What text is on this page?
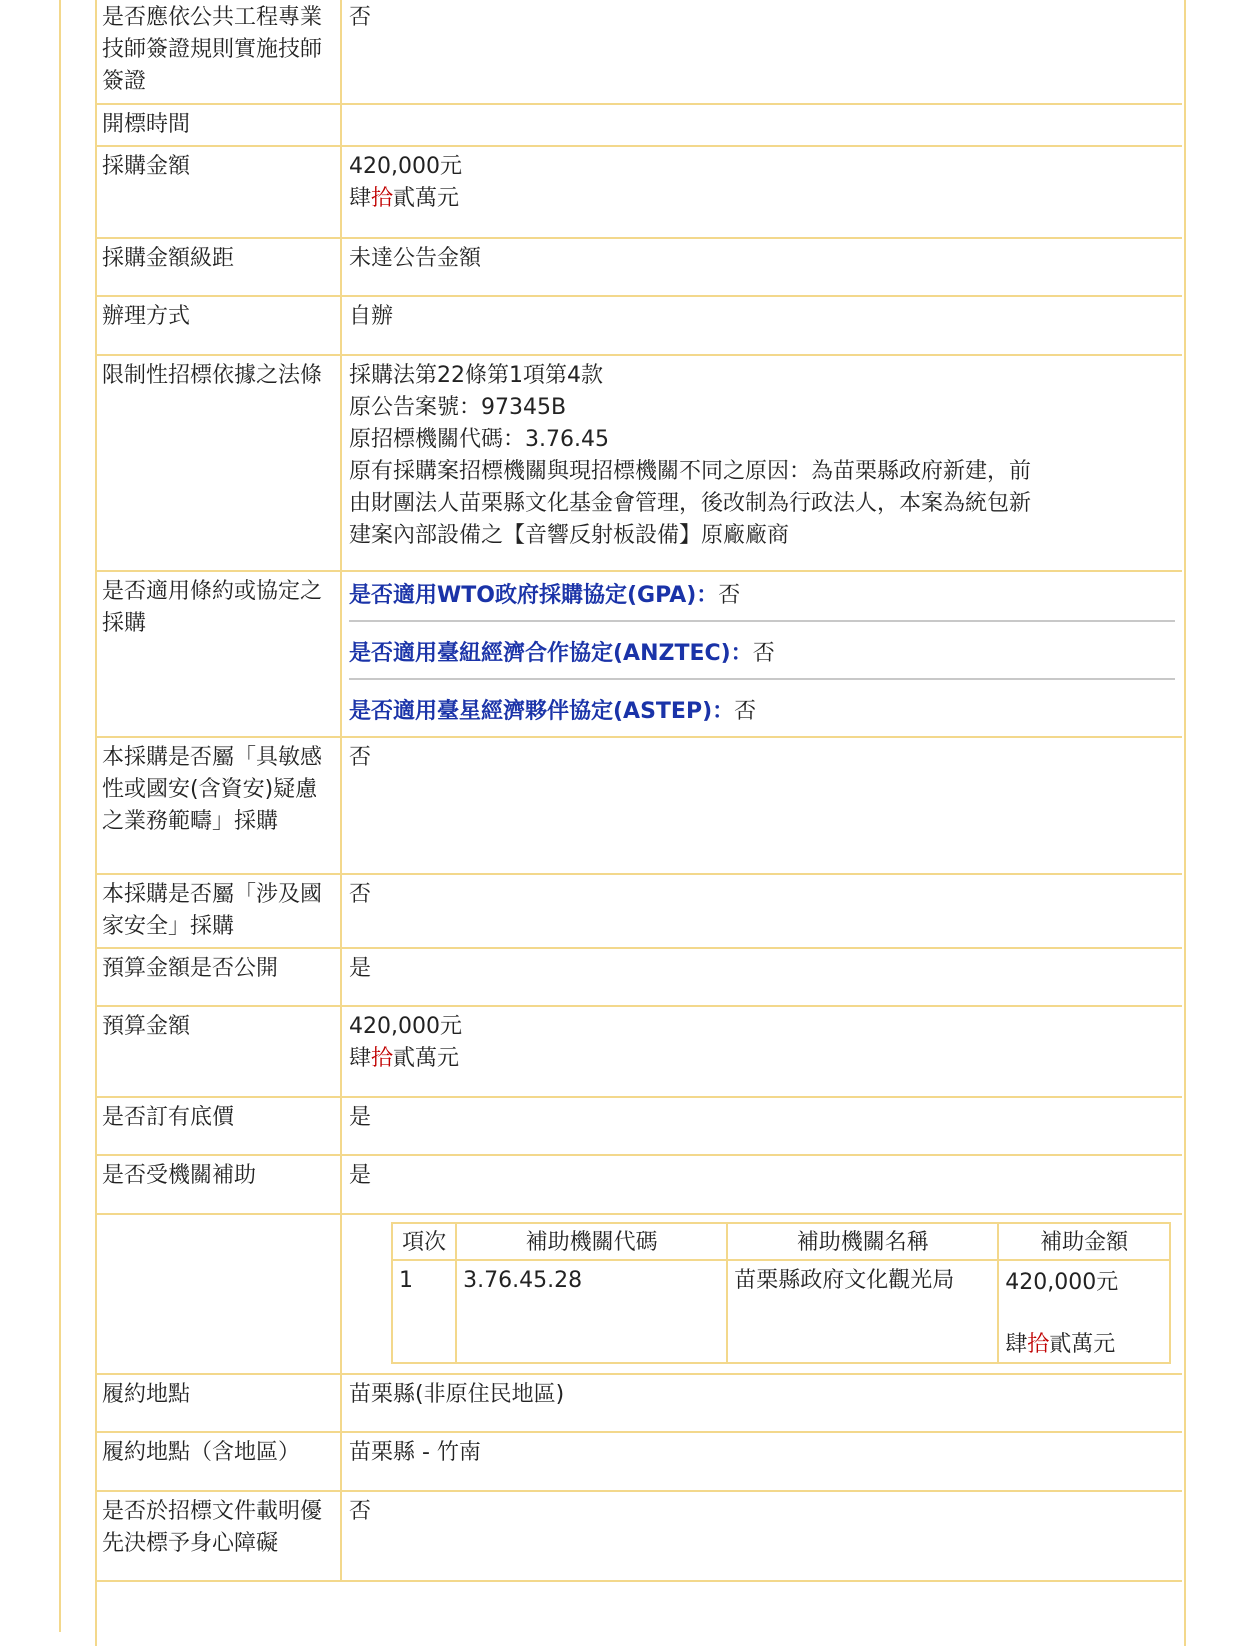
是否應依公共工程專業技師簽證規則實施技師簽證	否
開標時間	
採購金額	420,000元
肆拾貳萬元

採購金額級距	未達公告金額
辦理方式	自辦
限制性招標依據之法條	採購法第22條第1項第4款
原公告案號：97345B
原招標機關代碼：3.76.45
原有採購案招標機關與現招標機關不同之原因：為苗栗縣政府新建，前
由財團法人苗栗縣文化基金會管理，後改制為行政法人，本案為統包新
建案內部設備之【音響反射板設備】原廠廠商

是否適用條約或協定之採購	
是否適用WTO政府採購協定(GPA)：否
是否適用臺紐經濟合作協定(ANZTEC)：否
是否適用臺星經濟夥伴協定(ASTEP)：否

本採購是否屬「具敏感性或國安(含資安)疑慮之業務範疇」採購	否
本採購是否屬「涉及國家安全」採購	否
預算金額是否公開	是
預算金額	420,000元
肆拾貳萬元

是否訂有底價	是
是否受機關補助	是

項次	補助機關代碼	補助機關名稱	補助金額
1	3.76.45.28	苗栗縣政府文化觀光局	420,000元
肆拾貳萬元

履約地點	苗栗縣(非原住民地區)
履約地點（含地區）	苗栗縣 - 竹南
是否於招標文件載明優先決標予身心障礙	否
